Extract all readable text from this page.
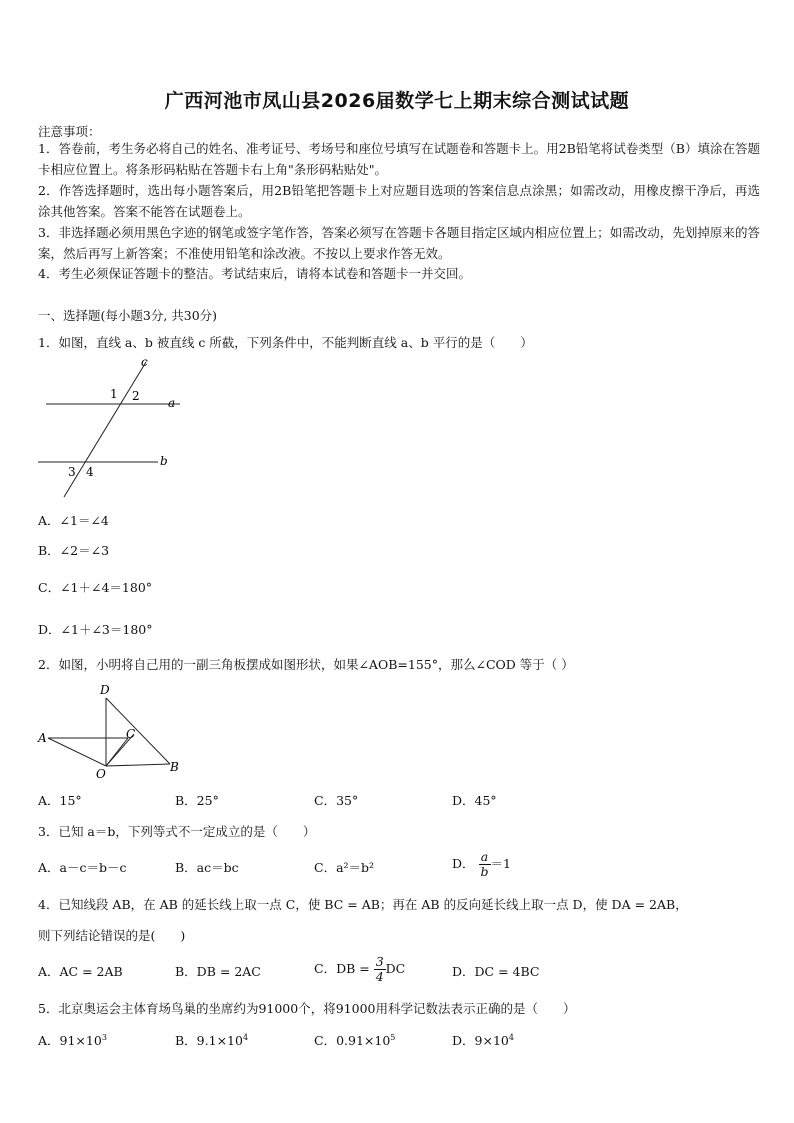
广西河池市凤山县2026届数学七上期末综合测试试题
注意事项：
1．答卷前，考生务必将自己的姓名、准考证号、考场号和座位号填写在试题卷和答题卡上。用2B铅笔将试卷类型（B）填涂在答题卡相应位置上。将条形码粘贴在答题卡右上角"条形码粘贴处"。
2．作答选择题时，选出每小题答案后，用2B铅笔把答题卡上对应题目选项的答案信息点涂黑；如需改动，用橡皮擦干净后，再选涂其他答案。答案不能答在试题卷上。
3．非选择题必须用黑色字迹的钢笔或签字笔作答，答案必须写在答题卡各题目指定区域内相应位置上；如需改动，先划掉原来的答案，然后再写上新答案；不准使用铅笔和涂改液。不按以上要求作答无效。
4．考生必须保证答题卡的整洁。考试结束后，请将本试卷和答题卡一并交回。
一、选择题(每小题3分, 共30分)
1．如图，直线 a、b 被直线 c 所截，下列条件中，不能判断直线 a、b 平行的是（　　）
c
1 2 a
3 4
b
A．∠1＝∠4
B．∠2＝∠3
C．∠1＋∠4＝180°
D．∠1＋∠3＝180°
2．如图，小明将自己用的一副三角板摆成如图形状，如果∠AOB=155°，那么∠COD 等于（ ）
D
A	C
O	B
A．15°	B．25°	C．35°	D．45°
3．已知 a＝b，下列等式不一定成立的是（　　）
A．a－c＝b－c	B．ac＝bc	C．a²＝b²	D． $\frac{a}{b} =1$
4．已知线段 AB，在 AB 的延长线上取一点 C，使 BC = AB；再在 AB 的反向延长线上取一点 D，使 DA = 2AB，
则下列结论错误的是(　　)
A．AC = 2AB	B．DB = 2AC	C．DB = $\frac{3}{4}$ DC	D．DC = 4BC
5．北京奥运会主体育场鸟巢的坐席约为91000个，将91000用科学记数法表示正确的是（　　）
A．$91\times 10^3$	B．$9.1\times 10^4$	C．$0.91\times 10^5$	D．$9\times 10^4$
